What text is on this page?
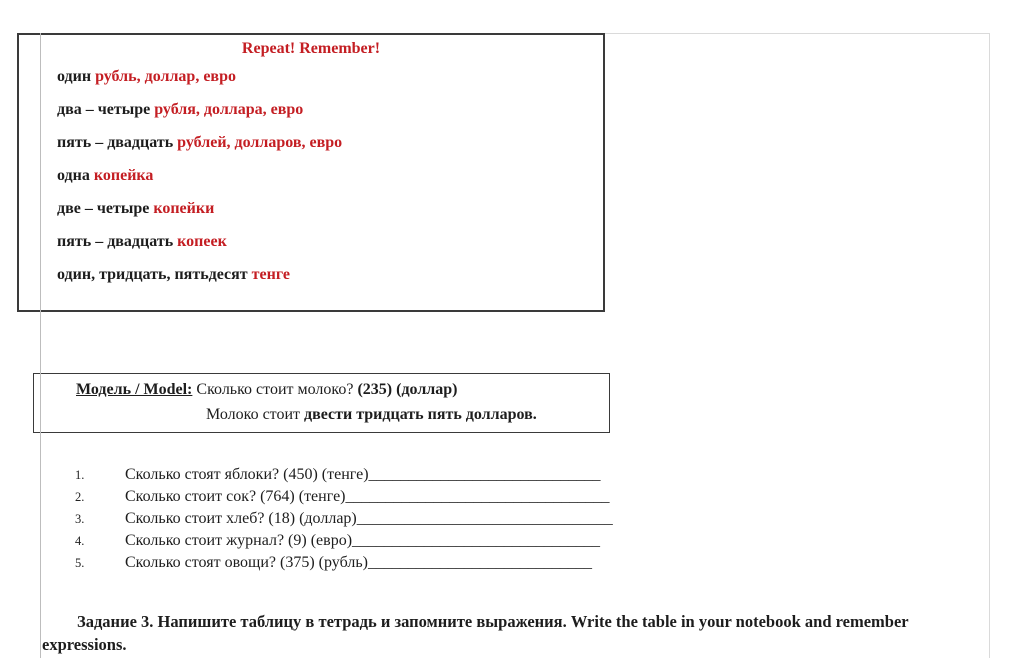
Repeat! Remember!
один рубль, доллар, евро
два – четыре рубля, доллара, евро
пять – двадцать рублей, долларов, евро
одна копейка
две – четыре копейки
пять – двадцать копеек
один, тридцать, пятьдесят тенге
Модель / Model: Сколько стоит молоко? (235) (доллар)
Молоко стоит двести тридцать пять долларов.
1.	Сколько стоят яблоки? (450) (тенге)_____________________________
2.	Сколько стоит сок? (764) (тенге)_________________________________
3.	Сколько стоит хлеб? (18) (доллар)________________________________
4.	Сколько стоит журнал? (9) (евро)_______________________________
5.	Сколько стоят овощи? (375) (рубль)____________________________

Задание 3. Напишите таблицу в тетрадь и запомните выражения. Write the table in your notebook and remember expressions.
